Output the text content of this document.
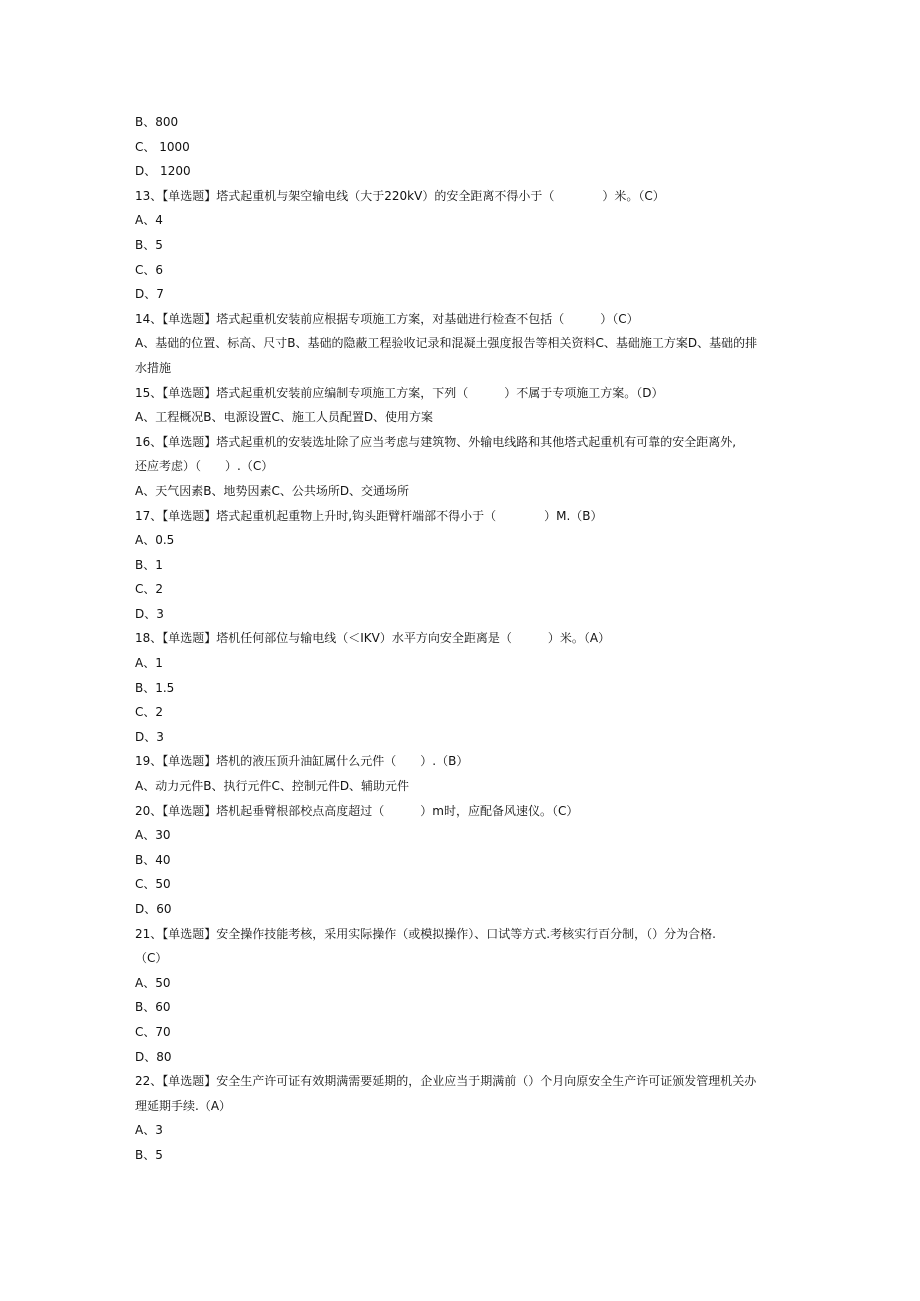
B、800
C、 1000
D、 1200
13、【单选题】塔式起重机与架空输电线（大于220kV）的安全距离不得小于（　　　　）米。（C）
A、4
B、5
C、6
D、7
14、【单选题】塔式起重机安装前应根据专项施工方案，对基础进行检查不包括（　　　）（C）
A、基础的位置、标高、尺寸B、基础的隐蔽工程验收记录和混凝土强度报告等相关资料C、基础施工方案D、基础的排
水措施
15、【单选题】塔式起重机安装前应编制专项施工方案，下列（　　　）不属于专项施工方案。（D）
A、工程概况B、电源设置C、施工人员配置D、使用方案
16、【单选题】塔式起重机的安装选址除了应当考虑与建筑物、外输电线路和其他塔式起重机有可靠的安全距离外,
还应考虑）（　　）.（C）
A、天气因素B、地势因素C、公共场所D、交通场所
17、【单选题】塔式起重机起重物上升时,钩头距臂杆端部不得小于（　　　　）M.（B）
A、0.5
B、1
C、2
D、3
18、【单选题】塔机任何部位与输电线（＜IKV）水平方向安全距离是（　　　）米。（A）
A、1
B、1.5
C、2
D、3
19、【单选题】塔机的液压顶升油缸属什么元件（　　）.（B）
A、动力元件B、执行元件C、控制元件D、辅助元件
20、【单选题】塔机起垂臂根部校点高度超过（　　　）m时，应配备风速仪。（C）
A、30
B、40
C、50
D、60
21、【单选题】安全操作技能考核，采用实际操作（或模拟操作）、口试等方式.考核实行百分制，（）分为合格.
（C）
A、50
B、60
C、70
D、80
22、【单选题】安全生产许可证有效期满需要延期的，企业应当于期满前（）个月向原安全生产许可证颁发管理机关办
理延期手续.（A）
A、3
B、5
